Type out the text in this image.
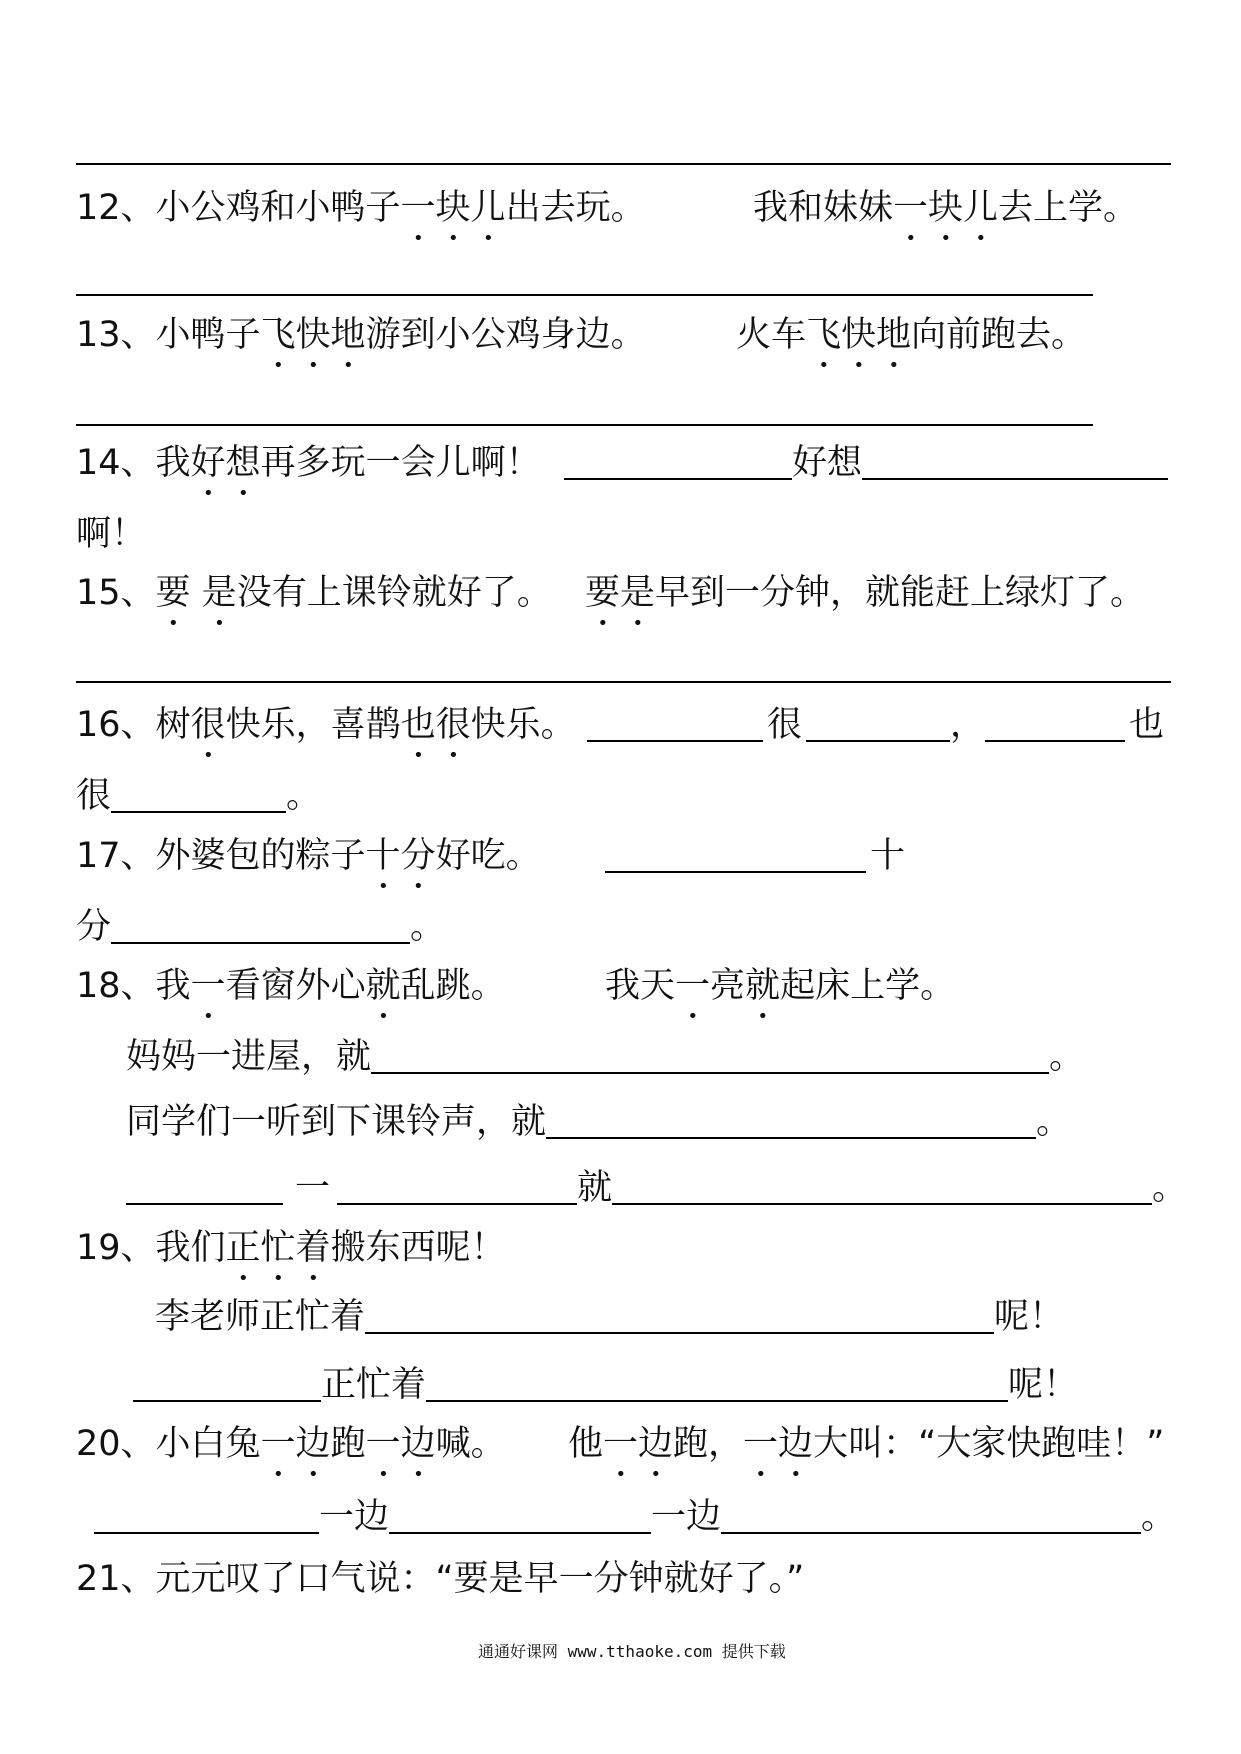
12、小公鸡和小鸭子一块儿出去玩。	我和妹妹一块儿去上学。
13、小鸭子飞快地游到小公鸡身边。	火车飞快地向前跑去。
14、我好想再多玩一会儿啊！	好想
啊！
15、要 是没有上课铃就好了。 要是早到一分钟，就能赶上绿灯了。
16、树很快乐，喜鹊也很快乐。	很	，	也
很	。
17、外婆包的粽子十分好吃。	十
分	。
18、我一看窗外心就乱跳。	我天一亮就起床上学。
妈妈一进屋，就	。
同学们一听到下课铃声，就	。
一	就	。
19、我们正忙着搬东西呢！
李老师正忙着	呢！
正忙着	呢！
20、小白兔一边跑一边喊。 他一边跑，一边大叫：“大家快跑哇！”
一边	一边	。
21、元元叹了口气说：“要是早一分钟就好了。”
通通好课网 www.tthaoke.com 提供下载
